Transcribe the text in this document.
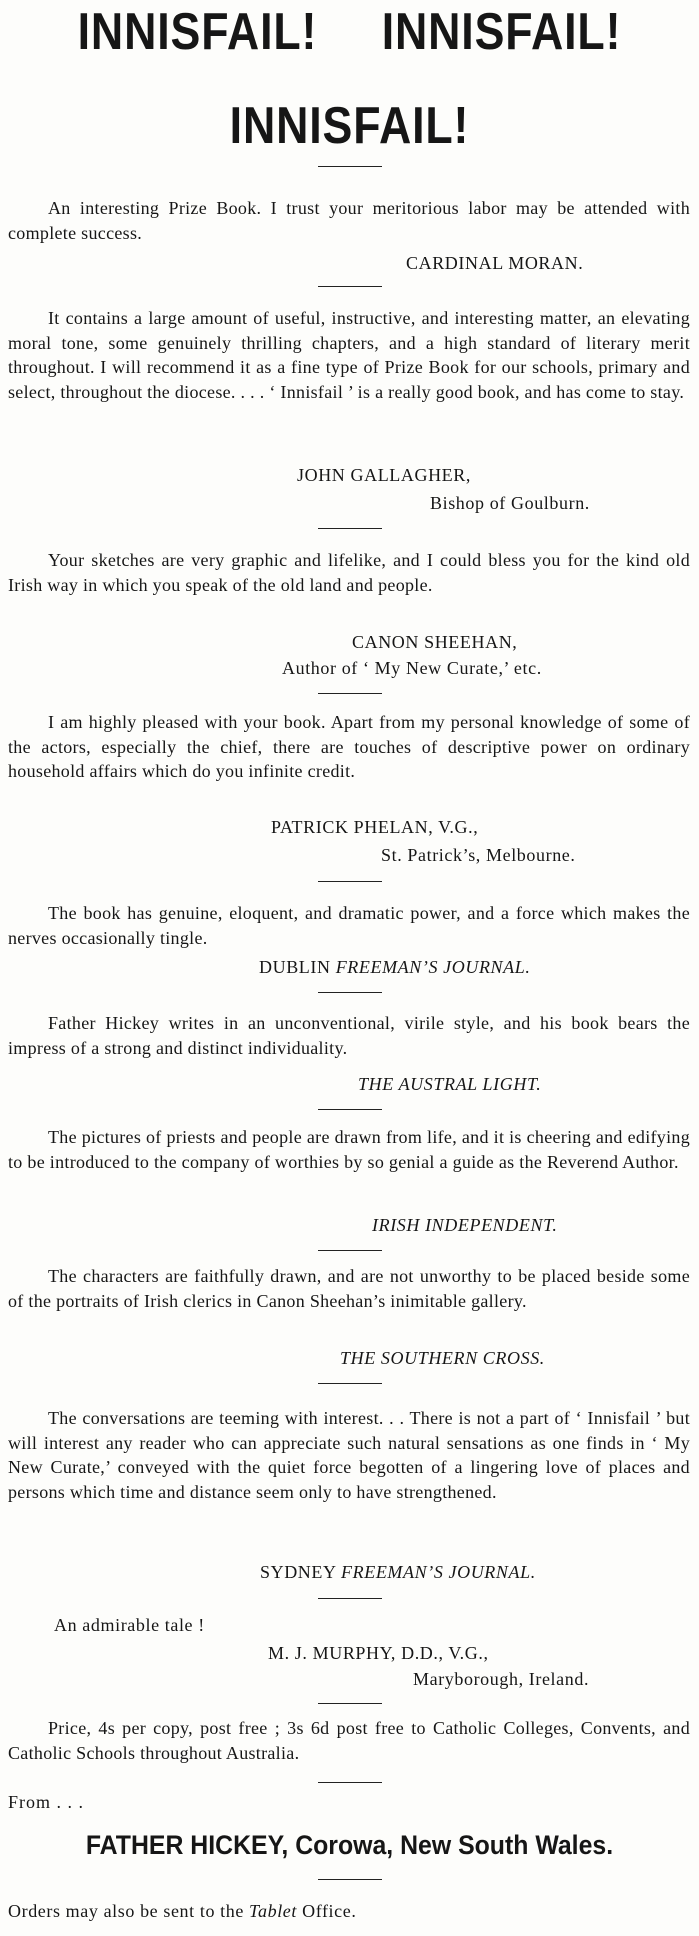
INNISFAIL! INNISFAIL!
INNISFAIL!

An interesting Prize Book. I trust your meritorious labor may be attended with complete success.

CARDINAL MORAN.

It contains a large amount of useful, instructive, and interesting matter, an elevating moral tone, some genuinely thrilling chapters, and a high standard of literary merit throughout. I will recommend it as a fine type of Prize Book for our schools, primary and select, throughout the diocese. . . . ‘ Innisfail ’ is a really good book, and has come to stay.

JOHN GALLAGHER,

Bishop of Goulburn.

Your sketches are very graphic and lifelike, and I could bless you for the kind old Irish way in which you speak of the old land and people.

CANON SHEEHAN,

Author of ‘ My New Curate,’ etc.

I am highly pleased with your book. Apart from my personal knowledge of some of the actors, especially the chief, there are touches of descriptive power on ordinary household affairs which do you infinite credit.

PATRICK PHELAN, V.G.,

St. Patrick’s, Melbourne.

The book has genuine, eloquent, and dramatic power, and a force which makes the nerves occasionally tingle.

DUBLIN FREEMAN’S JOURNAL.

Father Hickey writes in an unconventional, virile style, and his book bears the impress of a strong and distinct individuality.

THE AUSTRAL LIGHT.

The pictures of priests and people are drawn from life, and it is cheering and edifying to be introduced to the company of worthies by so genial a guide as the Reverend Author.

IRISH INDEPENDENT.

The characters are faithfully drawn, and are not unworthy to be placed beside some of the portraits of Irish clerics in Canon Sheehan’s inimitable gallery.

THE SOUTHERN CROSS.

The conversations are teeming with interest. . . There is not a part of ‘ Innisfail ’ but will interest any reader who can appreciate such natural sensations as one finds in ‘ My New Curate,’ conveyed with the quiet force begotten of a lingering love of places and persons which time and distance seem only to have strengthened.

SYDNEY FREEMAN’S JOURNAL.

An admirable tale !

M. J. MURPHY, D.D., V.G.,

Maryborough, Ireland.

Price, 4s per copy, post free ; 3s 6d post free to Catholic Colleges, Convents, and Catholic Schools throughout Australia.

From . . .
FATHER HICKEY, Corowa, New South Wales.
Orders may also be sent to the Tablet Office.
